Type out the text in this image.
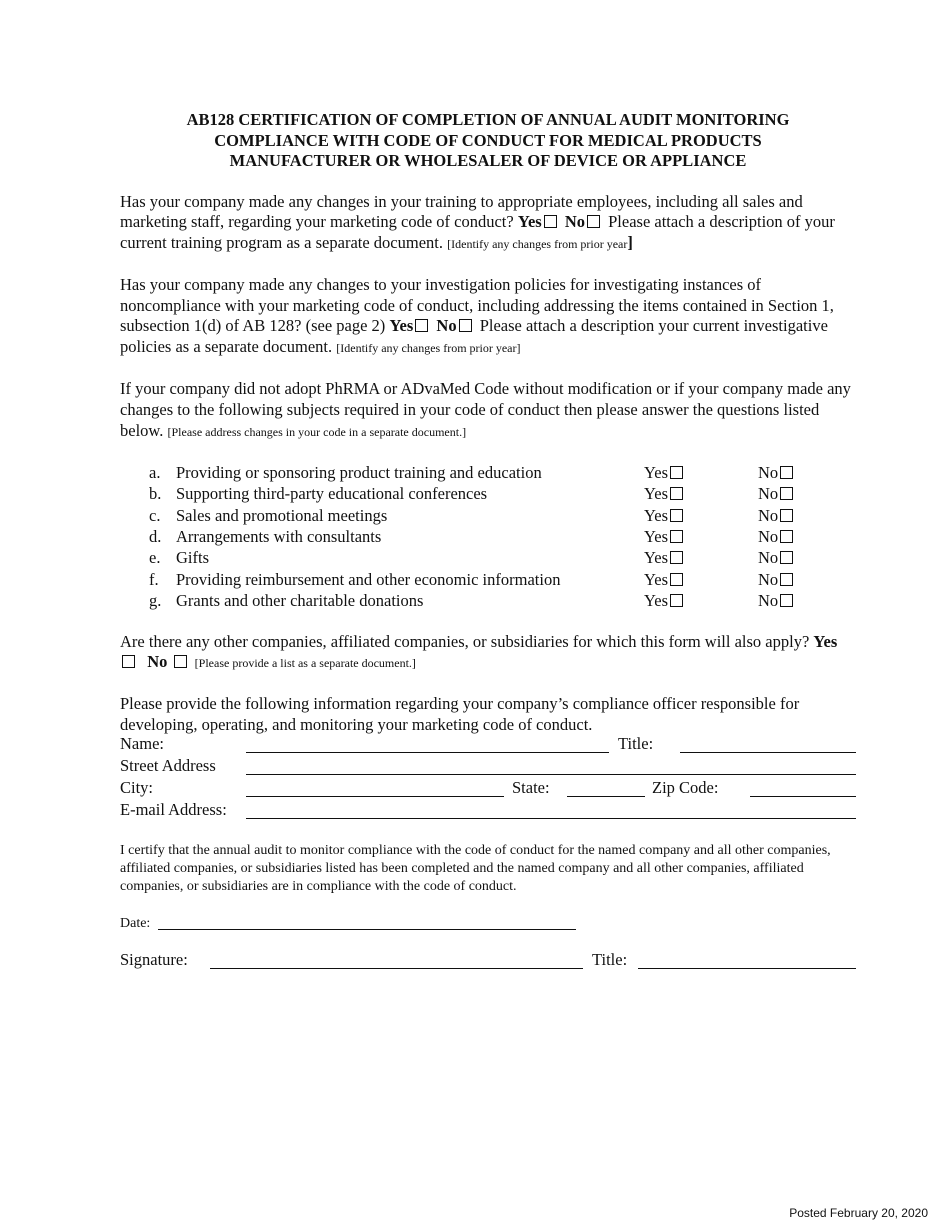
AB128 CERTIFICATION OF COMPLETION OF ANNUAL AUDIT MONITORING
COMPLIANCE WITH CODE OF CONDUCT FOR MEDICAL PRODUCTS
MANUFACTURER OR WHOLESALER OF DEVICE OR APPLIANCE

Has your company made any changes in your training to appropriate employees, including all sales and marketing staff, regarding your marketing code of conduct? Yes No Please attach a description of your current training program as a separate document. [Identify any changes from prior year]

Has your company made any changes to your investigation policies for investigating instances of noncompliance with your marketing code of conduct, including addressing the items contained in Section 1, subsection 1(d) of AB 128? (see page 2) Yes No Please attach a description your current investigative policies as a separate document. [Identify any changes from prior year]

If your company did not adopt PhRMA or ADvaMed Code without modification or if your company made any changes to the following subjects required in your code of conduct then please answer the questions listed below. [Please address changes in your code in a separate document.]

a. Providing or sponsoring product training and education	Yes	No
b. Supporting third-party educational conferences	Yes	No
c. Sales and promotional meetings	Yes	No
d. Arrangements with consultants	Yes	No
e. Gifts	Yes	No
f.	Providing reimbursement and other economic information	Yes	No
g. Grants and other charitable donations	Yes	No

Are there any other companies, affiliated companies, or subsidiaries for which this form will also apply? Yes   No [Please provide a list as a separate document.]

Please provide the following information regarding your company’s compliance officer responsible for developing, operating, and monitoring your marketing code of conduct.

Name:	Title:
Street Address
City:	State:	Zip Code:
E-mail Address:

I certify that the annual audit to monitor compliance with the code of conduct for the named company and all other companies, affiliated companies, or subsidiaries listed has been completed and the named company and all other companies, affiliated companies, or subsidiaries are in compliance with the code of conduct.

Date:
Signature:	Title:
Posted February 20, 2020
